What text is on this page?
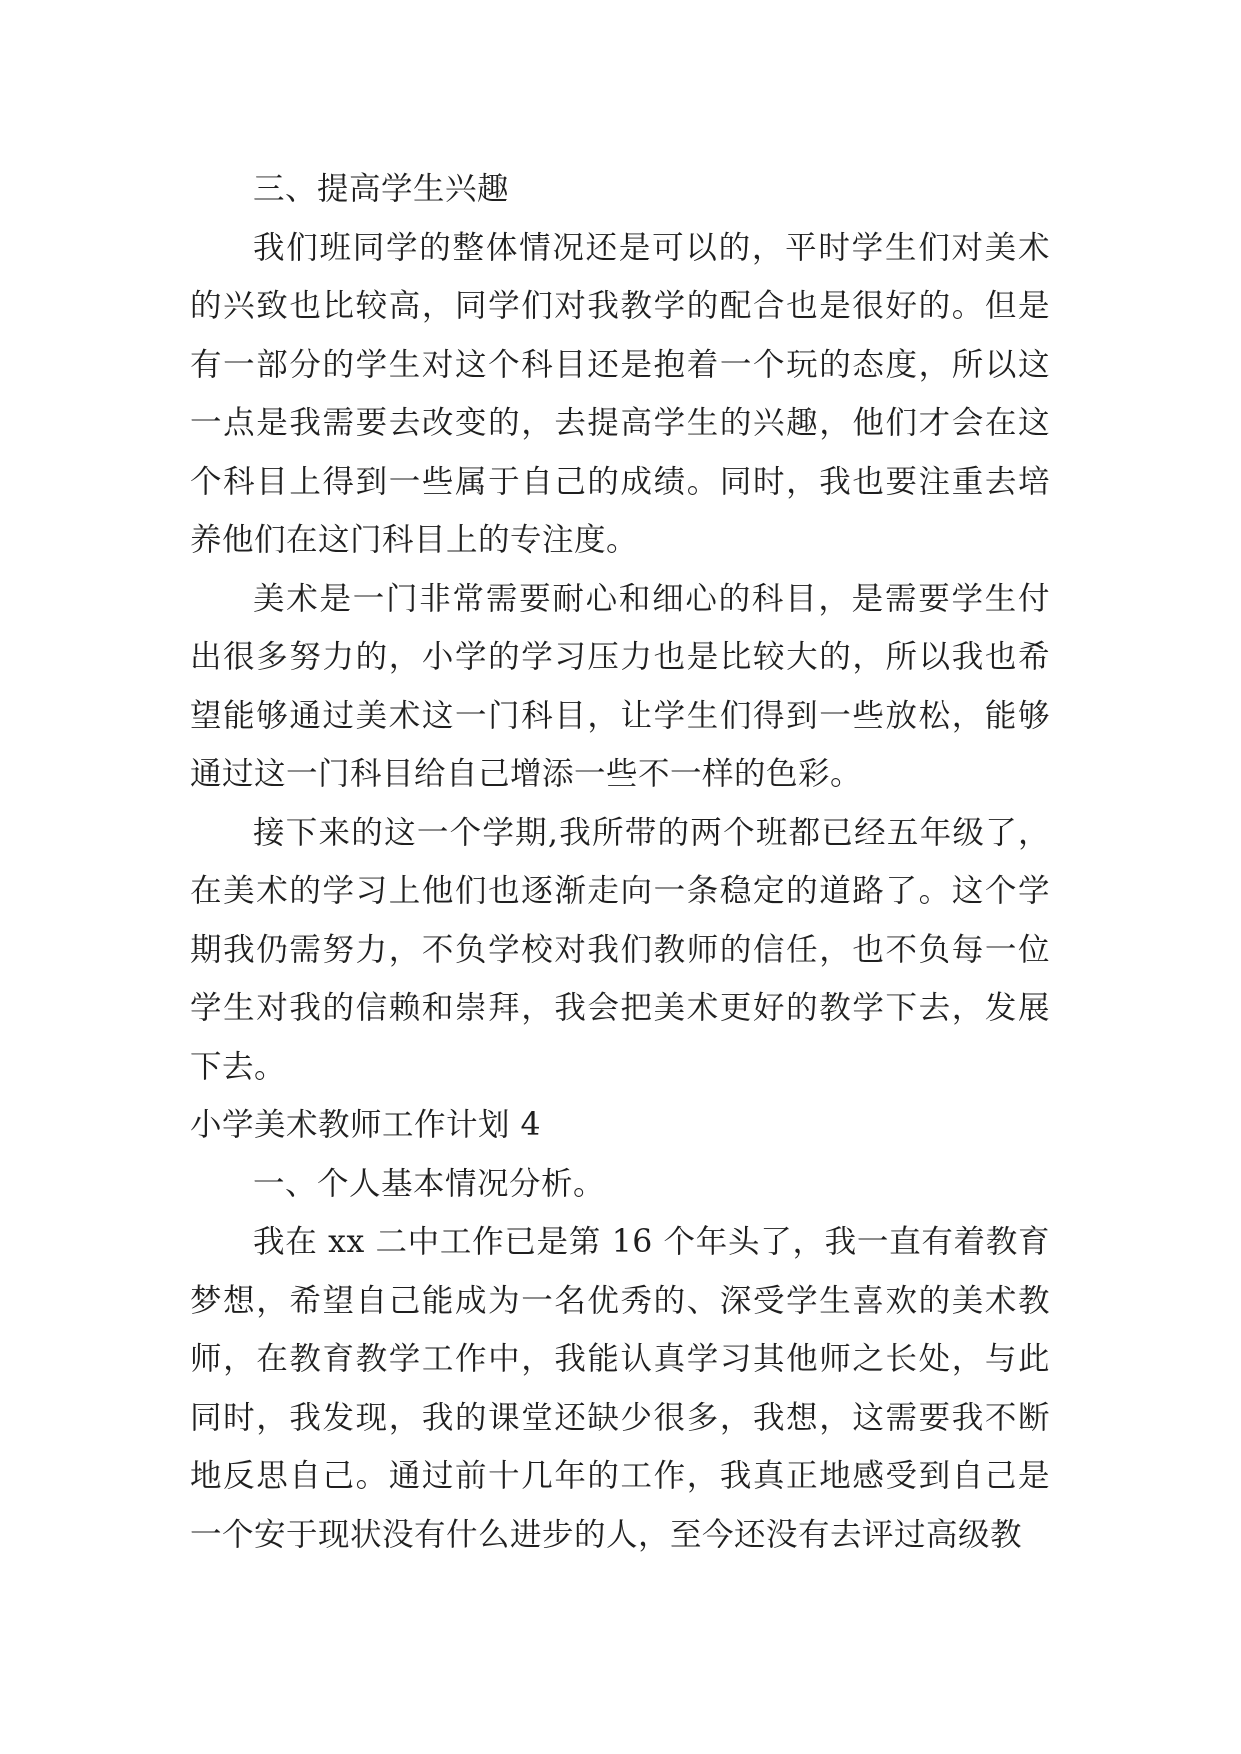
三、提高学生兴趣

我们班同学的整体情况还是可以的，平时学生们对美术的兴致也比较高，同学们对我教学的配合也是很好的。但是有一部分的学生对这个科目还是抱着一个玩的态度，所以这一点是我需要去改变的，去提高学生的兴趣，他们才会在这个科目上得到一些属于自己的成绩。同时，我也要注重去培养他们在这门科目上的专注度。

美术是一门非常需要耐心和细心的科目，是需要学生付出很多努力的，小学的学习压力也是比较大的，所以我也希望能够通过美术这一门科目，让学生们得到一些放松，能够通过这一门科目给自己增添一些不一样的色彩。

接下来的这一个学期,我所带的两个班都已经五年级了，在美术的学习上他们也逐渐走向一条稳定的道路了。这个学期我仍需努力，不负学校对我们教师的信任，也不负每一位学生对我的信赖和崇拜，我会把美术更好的教学下去，发展下去。

小学美术教师工作计划 4

一、个人基本情况分析。

我在 xx 二中工作已是第 16 个年头了，我一直有着教育梦想，希望自己能成为一名优秀的、深受学生喜欢的美术教师，在教育教学工作中，我能认真学习其他师之长处，与此同时，我发现，我的课堂还缺少很多，我想，这需要我不断地反思自己。通过前十几年的工作，我真正地感受到自己是一个安于现状没有什么进步的人，至今还没有去评过高级教
